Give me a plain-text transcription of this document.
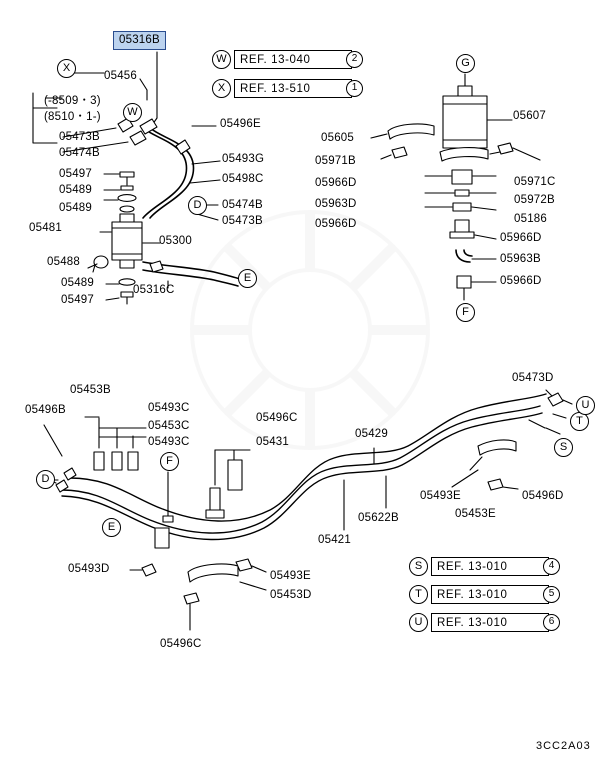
05316B
X
05456
W
(-8509・3)
(8510・1-)
05473B
05474B
05497
05489
05489
05481
05488
05489
05497
05496E
05493G
05498C
05474B
05473B
05300
05316C
D
E
W	REF. 13-040	2
X	REF. 13-510	1
G
05605
05971B
05966D
05963D
05966D
05607
05971C
05972B
05186
05966D
05963B
05966D
F
05453B
05496B	05493C
05453C
05493C
05496C
05431
05429
05473D
05493E
05453E
05496D
05622B
05421
05493D
05493E
05453D
05496C
D
E
F
S
T
U
S	REF. 13-010	4
T	REF. 13-010	5
U	REF. 13-010	6
3CC2A03
